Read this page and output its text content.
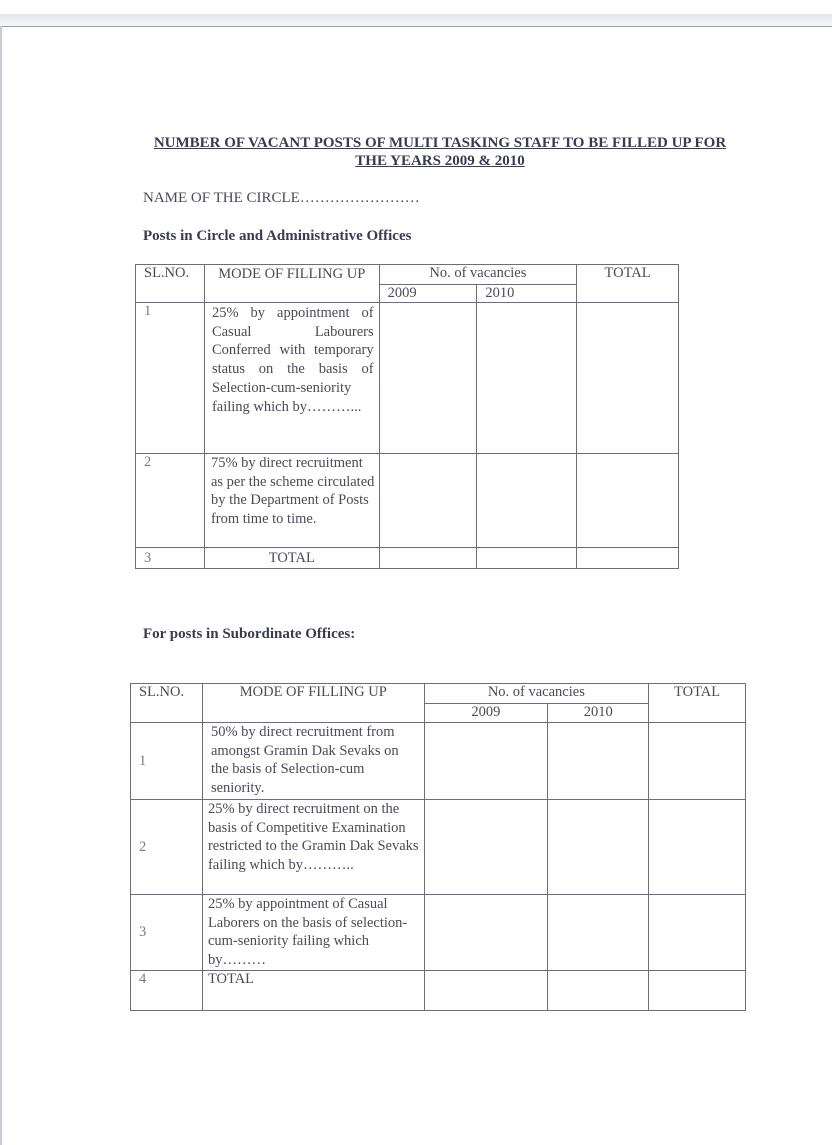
NUMBER OF VACANT POSTS OF MULTI TASKING STAFF TO BE FILLED UP FOR THE YEARS 2009 & 2010
NAME OF THE CIRCLE……………………
Posts in Circle and Administrative Offices
SL.NO.	MODE OF FILLING UP	No. of vacancies		TOTAL
		2009	2010	
1	25% by appointment of Casual Labourers Conferred with temporary status on the basis of Selection-cum-seniority failing which by………...			
2	75% by direct recruitment as per the scheme circulated by the Department of Posts from time to time.			
3	TOTAL			
For posts in Subordinate Offices:
SL.NO.	MODE OF FILLING UP	No. of vacancies		TOTAL
		2009	2010	
1	50% by direct recruitment from amongst Gramin Dak Sevaks on the basis of Selection-cum seniority.			
2	25% by direct recruitment on the basis of Competitive Examination restricted to the Gramin Dak Sevaks failing which by………..			
3	25% by appointment of Casual Laborers on the basis of selection-cum-seniority failing which by………			
4	TOTAL			
